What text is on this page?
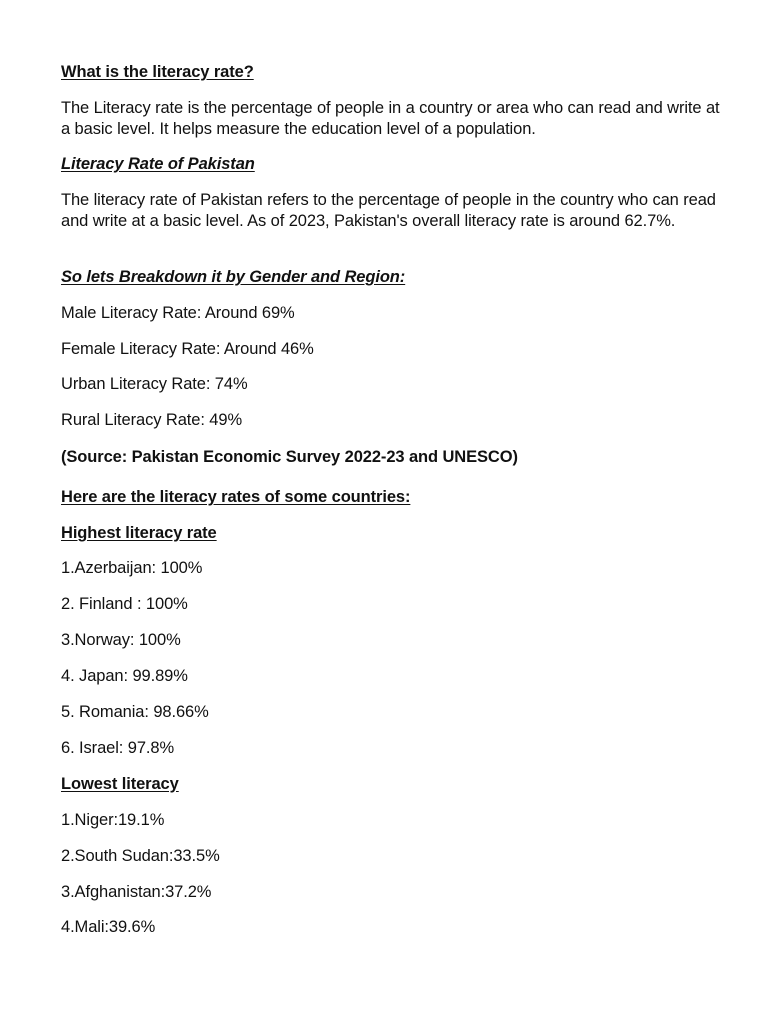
What is the literacy rate?
The Literacy rate is the percentage of people in a country or area who can read and write at a basic level. It helps measure the education level of a population.
Literacy Rate of Pakistan
The literacy rate of Pakistan refers to the percentage of people in the country who can read and write at a basic level. As of 2023, Pakistan's overall literacy rate is around 62.7%.
So lets Breakdown it by Gender and Region:
Male Literacy Rate: Around 69%
Female Literacy Rate: Around 46%
Urban Literacy Rate: 74%
Rural Literacy Rate: 49%
(Source: Pakistan Economic Survey 2022-23 and UNESCO)
Here are the literacy rates of some countries:
Highest literacy rate
1.Azerbaijan: 100%
2. Finland : 100%
3.Norway: 100%
4. Japan: 99.89%
5. Romania: 98.66%
6. Israel: 97.8%
Lowest literacy
1.Niger:19.1%
2.South Sudan:33.5%
3.Afghanistan:37.2%
4.Mali:39.6%
